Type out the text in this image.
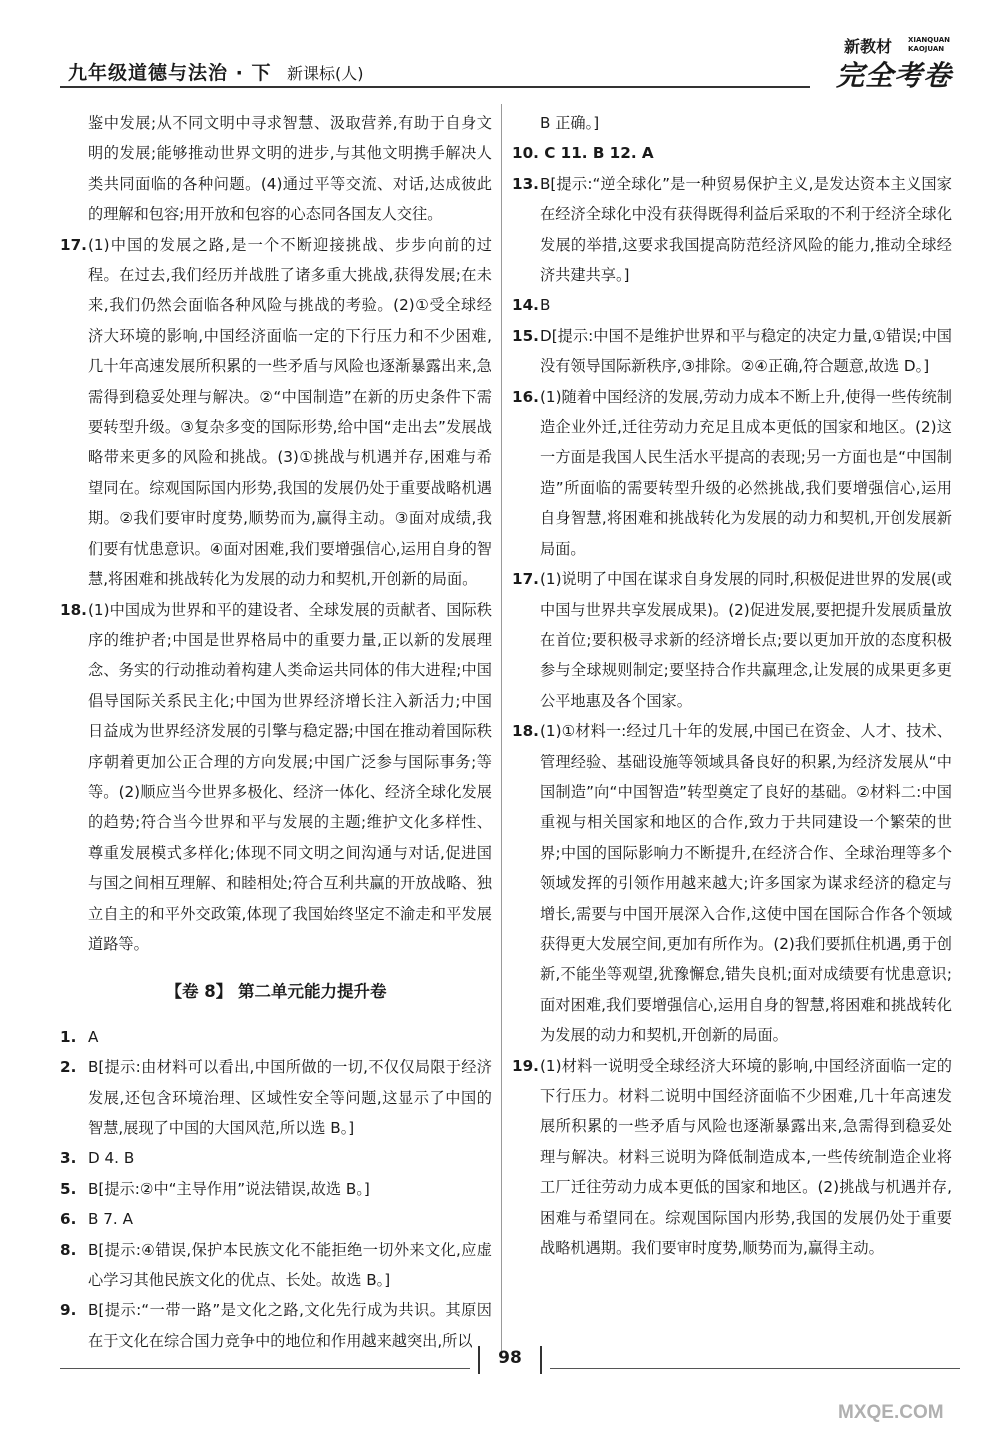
九年级道德与法治 · 下 新课标(人)
新教材 XIANQUAN KAOJUAN
完全考卷
鉴中发展;从不同文明中寻求智慧、汲取营养,有助于自身文明的发展;能够推动世界文明的进步,与其他文明携手解决人类共同面临的各种问题。(4)通过平等交流、对话,达成彼此的理解和包容;用开放和包容的心态同各国友人交往。
17. (1)中国的发展之路,是一个不断迎接挑战、步步向前的过程。在过去,我们经历并战胜了诸多重大挑战,获得发展;在未来,我们仍然会面临各种风险与挑战的考验。(2)①受全球经济大环境的影响,中国经济面临一定的下行压力和不少困难,几十年高速发展所积累的一些矛盾与风险也逐渐暴露出来,急需得到稳妥处理与解决。②“中国制造”在新的历史条件下需要转型升级。③复杂多变的国际形势,给中国“走出去”发展战略带来更多的风险和挑战。(3)①挑战与机遇并存,困难与希望同在。综观国际国内形势,我国的发展仍处于重要战略机遇期。②我们要审时度势,顺势而为,赢得主动。③面对成绩,我们要有忧患意识。④面对困难,我们要增强信心,运用自身的智慧,将困难和挑战转化为发展的动力和契机,开创新的局面。
18. (1)中国成为世界和平的建设者、全球发展的贡献者、国际秩序的维护者;中国是世界格局中的重要力量,正以新的发展理念、务实的行动推动着构建人类命运共同体的伟大进程;中国倡导国际关系民主化;中国为世界经济增长注入新活力;中国日益成为世界经济发展的引擎与稳定器;中国在推动着国际秩序朝着更加公正合理的方向发展;中国广泛参与国际事务;等等。(2)顺应当今世界多极化、经济一体化、经济全球化发展的趋势;符合当今世界和平与发展的主题;维护文化多样性、尊重发展模式多样化;体现不同文明之间沟通与对话,促进国与国之间相互理解、和睦相处;符合互利共赢的开放战略、独立自主的和平外交政策,体现了我国始终坚定不渝走和平发展道路等。
【卷 8】 第二单元能力提升卷
1. A
2. B[提示:由材料可以看出,中国所做的一切,不仅仅局限于经济发展,还包含环境治理、区域性安全等问题,这显示了中国的智慧,展现了中国的大国风范,所以选 B。]
3. D 4. B
5. B[提示:②中“主导作用”说法错误,故选 B。]
6. B 7. A
8. B[提示:④错误,保护本民族文化不能拒绝一切外来文化,应虚心学习其他民族文化的优点、长处。故选 B。]
9. B[提示:“一带一路”是文化之路,文化先行成为共识。其原因在于文化在综合国力竞争中的地位和作用越来越突出,所以
B 正确。]
10. C 11. B 12. A
13. B[提示:“逆全球化”是一种贸易保护主义,是发达资本主义国家在经济全球化中没有获得既得利益后采取的不利于经济全球化发展的举措,这要求我国提高防范经济风险的能力,推动全球经济共建共享。]
14. B
15. D[提示:中国不是维护世界和平与稳定的决定力量,①错误;中国没有领导国际新秩序,③排除。②④正确,符合题意,故选 D。]
16. (1)随着中国经济的发展,劳动力成本不断上升,使得一些传统制造企业外迁,迁往劳动力充足且成本更低的国家和地区。(2)这一方面是我国人民生活水平提高的表现;另一方面也是“中国制造”所面临的需要转型升级的必然挑战,我们要增强信心,运用自身智慧,将困难和挑战转化为发展的动力和契机,开创发展新局面。
17. (1)说明了中国在谋求自身发展的同时,积极促进世界的发展(或中国与世界共享发展成果)。(2)促进发展,要把提升发展质量放在首位;要积极寻求新的经济增长点;要以更加开放的态度积极参与全球规则制定;要坚持合作共赢理念,让发展的成果更多更公平地惠及各个国家。
18. (1)①材料一:经过几十年的发展,中国已在资金、人才、技术、管理经验、基础设施等领域具备良好的积累,为经济发展从“中国制造”向“中国智造”转型奠定了良好的基础。②材料二:中国重视与相关国家和地区的合作,致力于共同建设一个繁荣的世界;中国的国际影响力不断提升,在经济合作、全球治理等多个领域发挥的引领作用越来越大;许多国家为谋求经济的稳定与增长,需要与中国开展深入合作,这使中国在国际合作各个领域获得更大发展空间,更加有所作为。(2)我们要抓住机遇,勇于创新,不能坐等观望,犹豫懈怠,错失良机;面对成绩要有忧患意识;面对困难,我们要增强信心,运用自身的智慧,将困难和挑战转化为发展的动力和契机,开创新的局面。
19. (1)材料一说明受全球经济大环境的影响,中国经济面临一定的下行压力。材料二说明中国经济面临不少困难,几十年高速发展所积累的一些矛盾与风险也逐渐暴露出来,急需得到稳妥处理与解决。材料三说明为降低制造成本,一些传统制造企业将工厂迁往劳动力成本更低的国家和地区。(2)挑战与机遇并存,困难与希望同在。综观国际国内形势,我国的发展仍处于重要战略机遇期。我们要审时度势,顺势而为,赢得主动。
98
MXQE.COM
